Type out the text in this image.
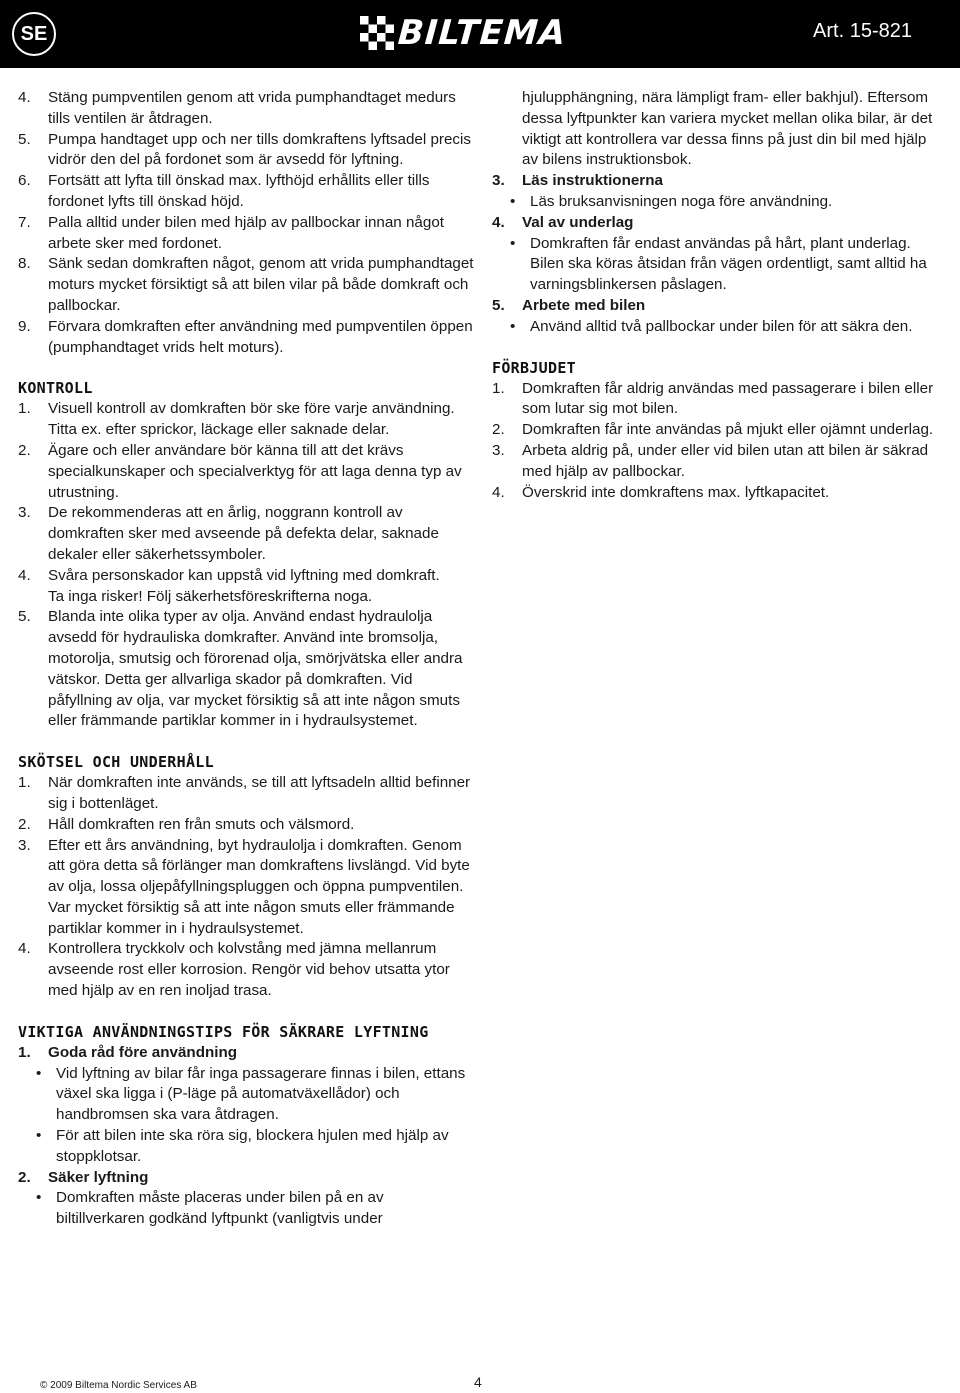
SE	BILTEMA	Art. 15-821
4.	Stäng pumpventilen genom att vrida pumphandtaget medurs tills ventilen är åtdragen.
5.	Pumpa handtaget upp och ner tills domkraftens lyftsadel precis vidrör den del på fordonet som är avsedd för lyftning.
6.	Fortsätt att lyfta till önskad max. lyfthöjd erhållits eller tills fordonet lyfts till önskad höjd.
7.	Palla alltid under bilen med hjälp av pallbockar innan något arbete sker med fordonet.
8.	Sänk sedan domkraften något, genom att vrida pumphandtaget moturs mycket försiktigt så att bilen vilar på både domkraft och pallbockar.
9.	Förvara domkraften efter användning med pumpventilen öppen (pumphandtaget vrids helt moturs).
KONTROLL
1.	Visuell kontroll av domkraften bör ske före varje användning. Titta ex. efter sprickor, läckage eller saknade delar.
2.	Ägare och eller användare bör känna till att det krävs specialkunskaper och specialverktyg för att laga denna typ av utrustning.
3.	De rekommenderas att en årlig, noggrann kontroll av domkraften sker med avseende på defekta delar, saknade dekaler eller säkerhetssymboler.
4.	Svåra personskador kan uppstå vid lyftning med domkraft.
Ta inga risker! Följ säkerhetsföreskrifterna noga.
5.	Blanda inte olika typer av olja. Använd endast hydraulolja avsedd för hydrauliska domkrafter. Använd inte bromsolja, motorolja, smutsig och förorenad olja, smörjvätska eller andra vätskor. Detta ger allvarliga skador på domkraften. Vid påfyllning av olja, var mycket försiktig så att inte någon smuts eller främmande partiklar kommer in i hydraulsystemet.
SKÖTSEL OCH UNDERHÅLL
1.	När domkraften inte används, se till att lyftsadeln alltid befinner sig i bottenläget.
2.	Håll domkraften ren från smuts och välsmord.
3.	Efter ett års användning, byt hydraulolja i domkraften. Genom att göra detta så förlänger man domkraftens livslängd. Vid byte av olja, lossa oljepåfyllningspluggen och öppna pumpventilen. Var mycket försiktig så att inte någon smuts eller främmande partiklar kommer in i hydraulsystemet.
4.	Kontrollera tryckkolv och kolvstång med jämna mellanrum avseende rost eller korrosion. Rengör vid behov utsatta ytor med hjälp av en ren inoljad trasa.
VIKTIGA ANVÄNDNINGSTIPS FÖR SÄKRARE LYFTNING
1.	Goda råd före användning
• Vid lyftning av bilar får inga passagerare finnas i bilen, ettans växel ska ligga i (P-läge på automatväxellådor) och handbromsen ska vara åtdragen.
• För att bilen inte ska röra sig, blockera hjulen med hjälp av stoppklotsar.
2.	Säker lyftning
• Domkraften måste placeras under bilen på en av biltillverkaren godkänd lyftpunkt (vanligtvis under
hjulupphängning, nära lämpligt fram- eller bakhjul). Eftersom dessa lyftpunkter kan variera mycket mellan olika bilar, är det viktigt att kontrollera var dessa finns på just din bil med hjälp av bilens instruktionsbok.
3.	Läs instruktionerna
• Läs bruksanvisningen noga före användning.
4.	Val av underlag
• Domkraften får endast användas på hårt, plant underlag. Bilen ska köras åtsidan från vägen ordentligt, samt alltid ha varningsblinkersen påslagen.
5.	Arbete med bilen
• Använd alltid två pallbockar under bilen för att säkra den.
FÖRBJUDET
1.	Domkraften får aldrig användas med passagerare i bilen eller som lutar sig mot bilen.
2.	Domkraften får inte användas på mjukt eller ojämnt underlag.
3.	Arbeta aldrig på, under eller vid bilen utan att bilen är säkrad med hjälp av pallbockar.
4.	Överskrid inte domkraftens max. lyftkapacitet.
© 2009 Biltema Nordic Services AB	4
